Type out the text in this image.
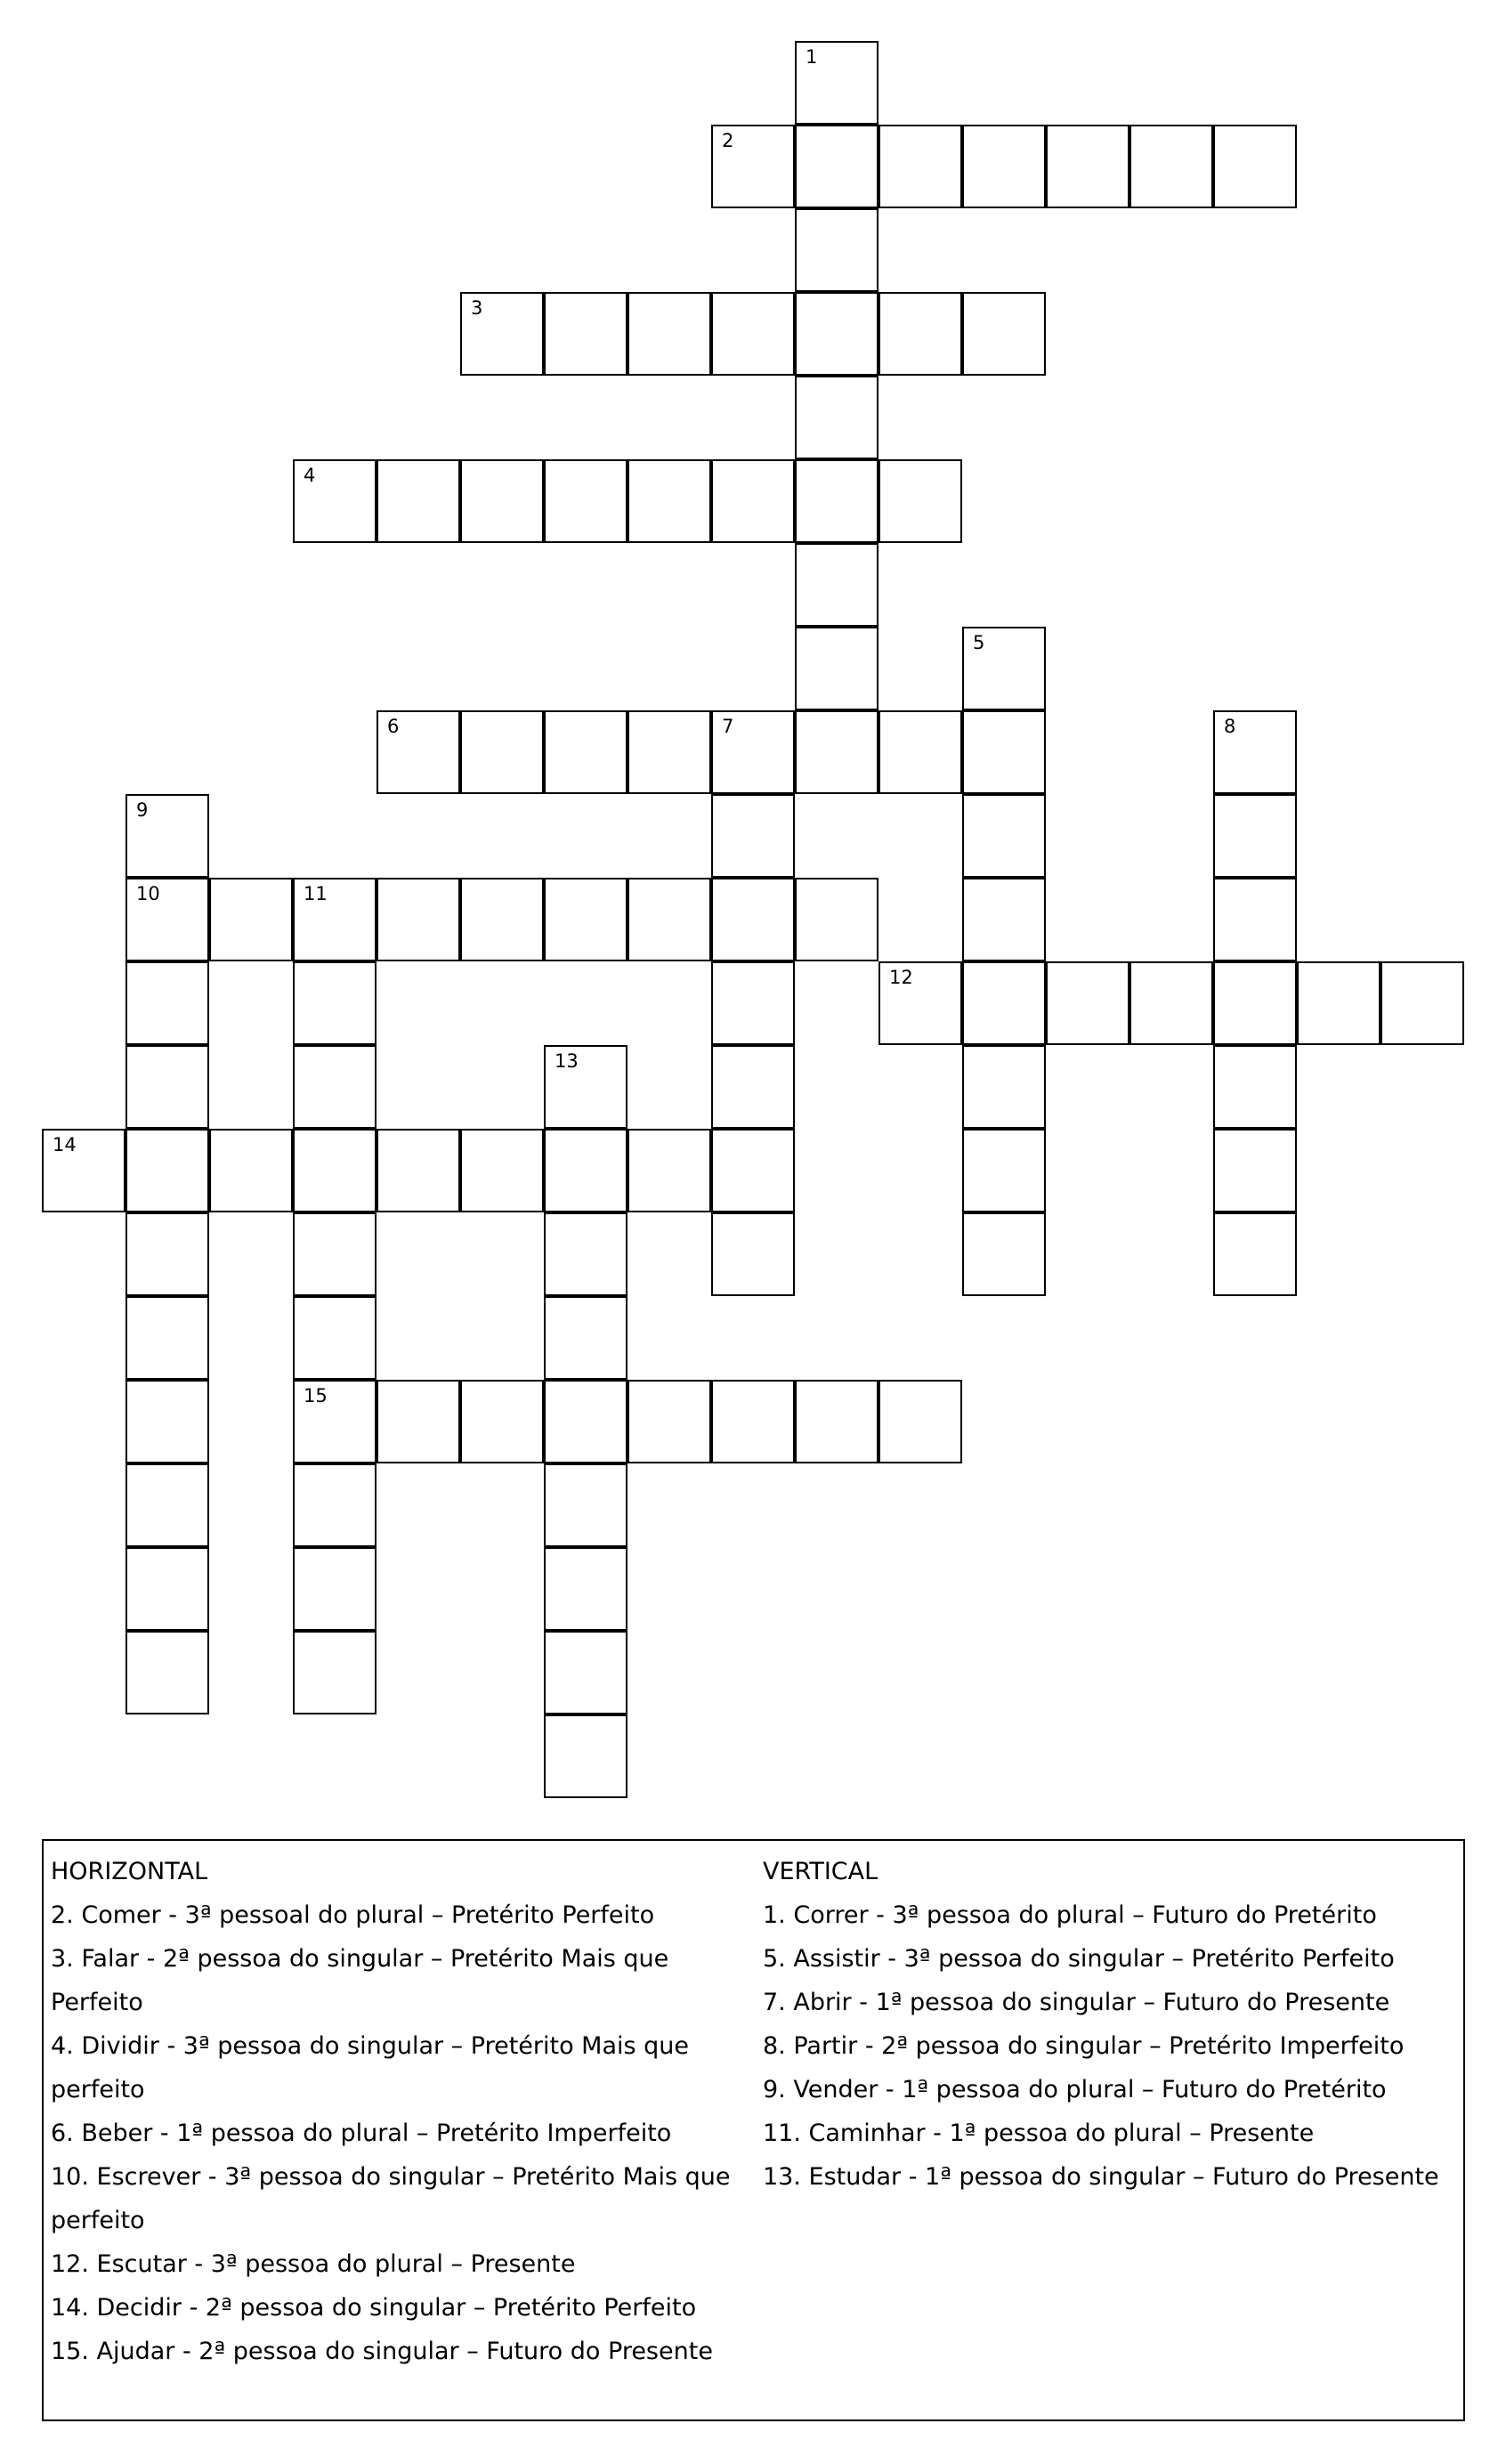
1
2
3
4
5
6	7	8
9
10	11
12
13
14
15

HORIZONTAL

2. Comer - 3ª pessoal do plural – Pretérito Perfeito

3. Falar - 2ª pessoa do singular – Pretérito Mais que Perfeito

4. Dividir - 3ª pessoa do singular – Pretérito Mais que perfeito

6. Beber - 1ª pessoa do plural – Pretérito Imperfeito

10. Escrever - 3ª pessoa do singular – Pretérito Mais que perfeito

12. Escutar - 3ª pessoa do plural – Presente

14. Decidir - 2ª pessoa do singular – Pretérito Perfeito

15. Ajudar - 2ª pessoa do singular – Futuro do Presente

VERTICAL

1. Correr - 3ª pessoa do plural – Futuro do Pretérito

5. Assistir - 3ª pessoa do singular – Pretérito Perfeito

7. Abrir - 1ª pessoa do singular – Futuro do Presente

8. Partir - 2ª pessoa do singular – Pretérito Imperfeito

9. Vender - 1ª pessoa do plural – Futuro do Pretérito

11. Caminhar - 1ª pessoa do plural – Presente

13. Estudar - 1ª pessoa do singular – Futuro do Presente
